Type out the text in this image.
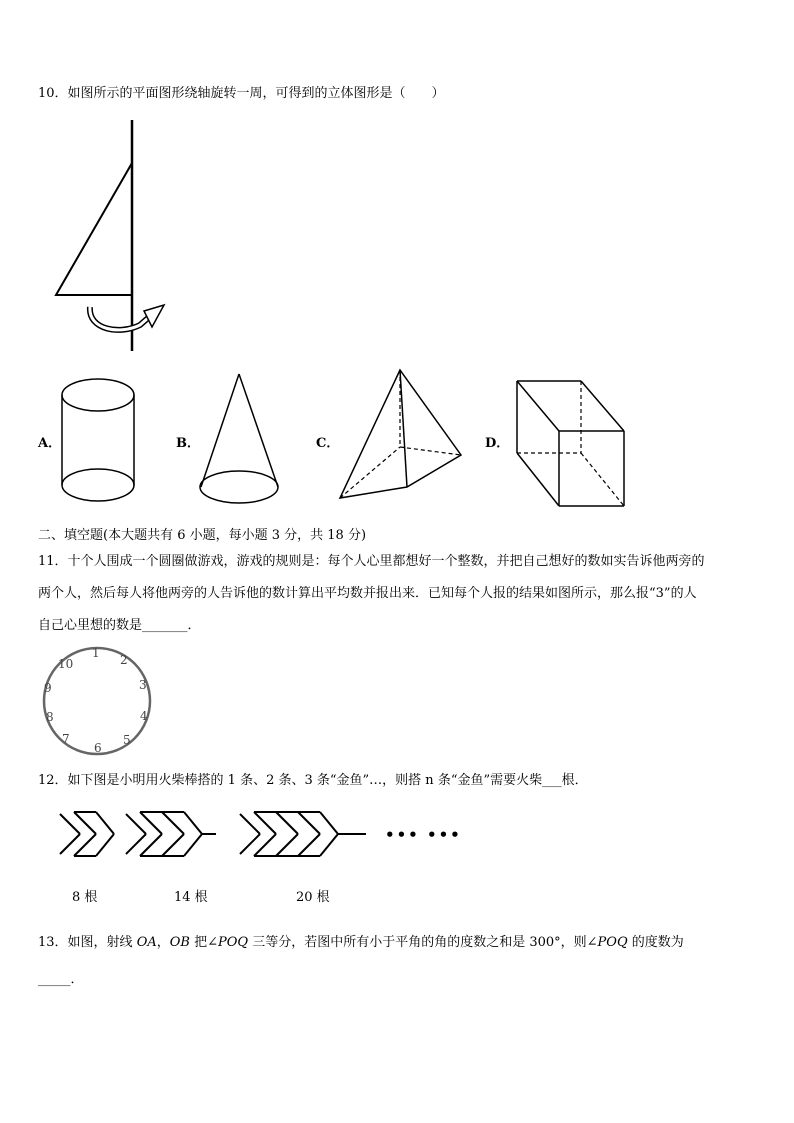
10．如图所示的平面图形绕轴旋转一周，可得到的立体图形是（　　）
A．	B．	C．	D．
二、填空题(本大题共有 6 小题，每小题 3 分，共 18 分)
11．十个人围成一个圆圈做游戏，游戏的规则是：每个人心里都想好一个整数，并把自己想好的数如实告诉他两旁的
两个人，然后每人将他两旁的人告诉他的数计算出平均数并报出来．已知每个人报的结果如图所示，那么报“3”的人
自己心里想的数是_______．
1 2
3
4
5
6
7
8
9
10
12．如下图是小明用火柴棒搭的 1 条、2 条、3 条“金鱼”…，则搭 n 条“金鱼”需要火柴___根．
••• •••
8 根	14 根	20 根
13．如图，射线 OA，OB 把∠POQ 三等分，若图中所有小于平角的角的度数之和是 300°，则∠POQ 的度数为
_____．
